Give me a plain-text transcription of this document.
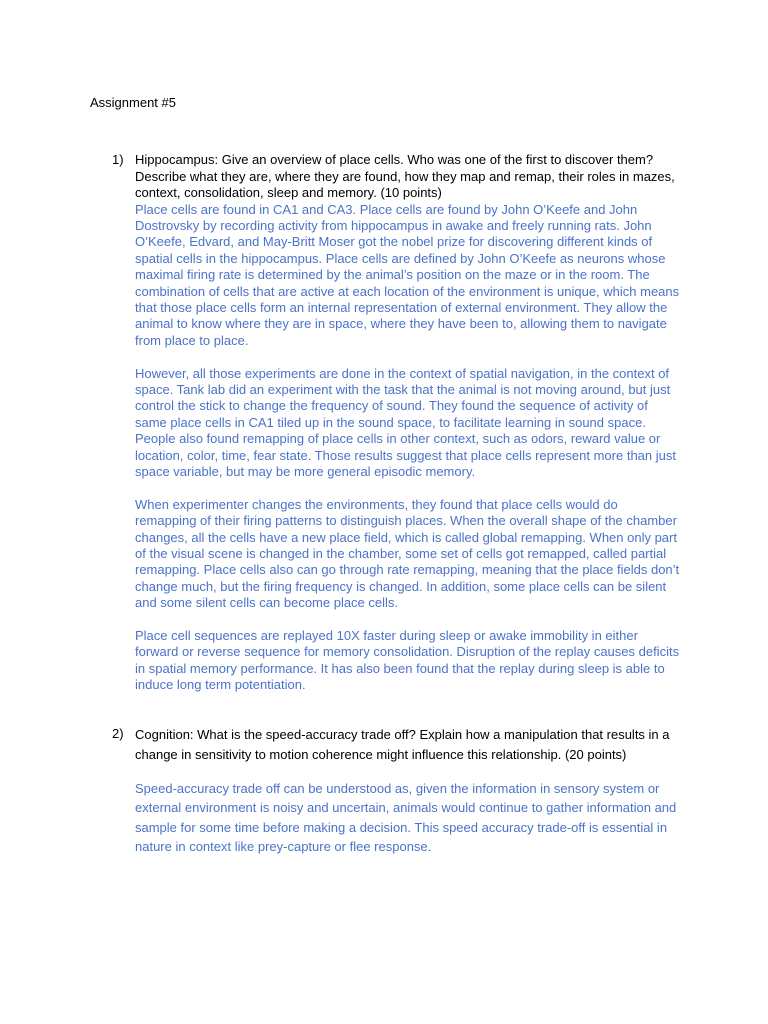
Assignment #5
1) Hippocampus: Give an overview of place cells. Who was one of the first to discover them? Describe what they are, where they are found, how they map and remap, their roles in mazes, context, consolidation, sleep and memory. (10 points)

Place cells are found in CA1 and CA3. Place cells are found by John O’Keefe and John Dostrovsky by recording activity from hippocampus in awake and freely running rats. John O’Keefe, Edvard, and May-Britt Moser got the nobel prize for discovering different kinds of spatial cells in the hippocampus. Place cells are defined by John O’Keefe as neurons whose maximal firing rate is determined by the animal’s position on the maze or in the room. The combination of cells that are active at each location of the environment is unique, which means that those place cells form an internal representation of external environment. They allow the animal to know where they are in space, where they have been to, allowing them to navigate from place to place.

However, all those experiments are done in the context of spatial navigation, in the context of space. Tank lab did an experiment with the task that the animal is not moving around, but just control the stick to change the frequency of sound. They found the sequence of activity of same place cells in CA1 tiled up in the sound space, to facilitate learning in sound space. People also found remapping of place cells in other context, such as odors, reward value or location, color, time, fear state. Those results suggest that place cells represent more than just space variable, but may be more general episodic memory.

When experimenter changes the environments, they found that place cells would do remapping of their firing patterns to distinguish places. When the overall shape of the chamber changes, all the cells have a new place field, which is called global remapping. When only part of the visual scene is changed in the chamber, some set of cells got remapped, called partial remapping. Place cells also can go through rate remapping, meaning that the place fields don’t change much, but the firing frequency is changed. In addition, some place cells can be silent and some silent cells can become place cells.

Place cell sequences are replayed 10X faster during sleep or awake immobility in either forward or reverse sequence for memory consolidation. Disruption of the replay causes deficits in spatial memory performance. It has also been found that the replay during sleep is able to induce long term potentiation.

2) Cognition: What is the speed-accuracy trade off? Explain how a manipulation that results in a change in sensitivity to motion coherence might influence this relationship. (20 points)

Speed-accuracy trade off can be understood as, given the information in sensory system or external environment is noisy and uncertain, animals would continue to gather information and sample for some time before making a decision. This speed accuracy trade-off is essential in nature in context like prey-capture or flee response.
